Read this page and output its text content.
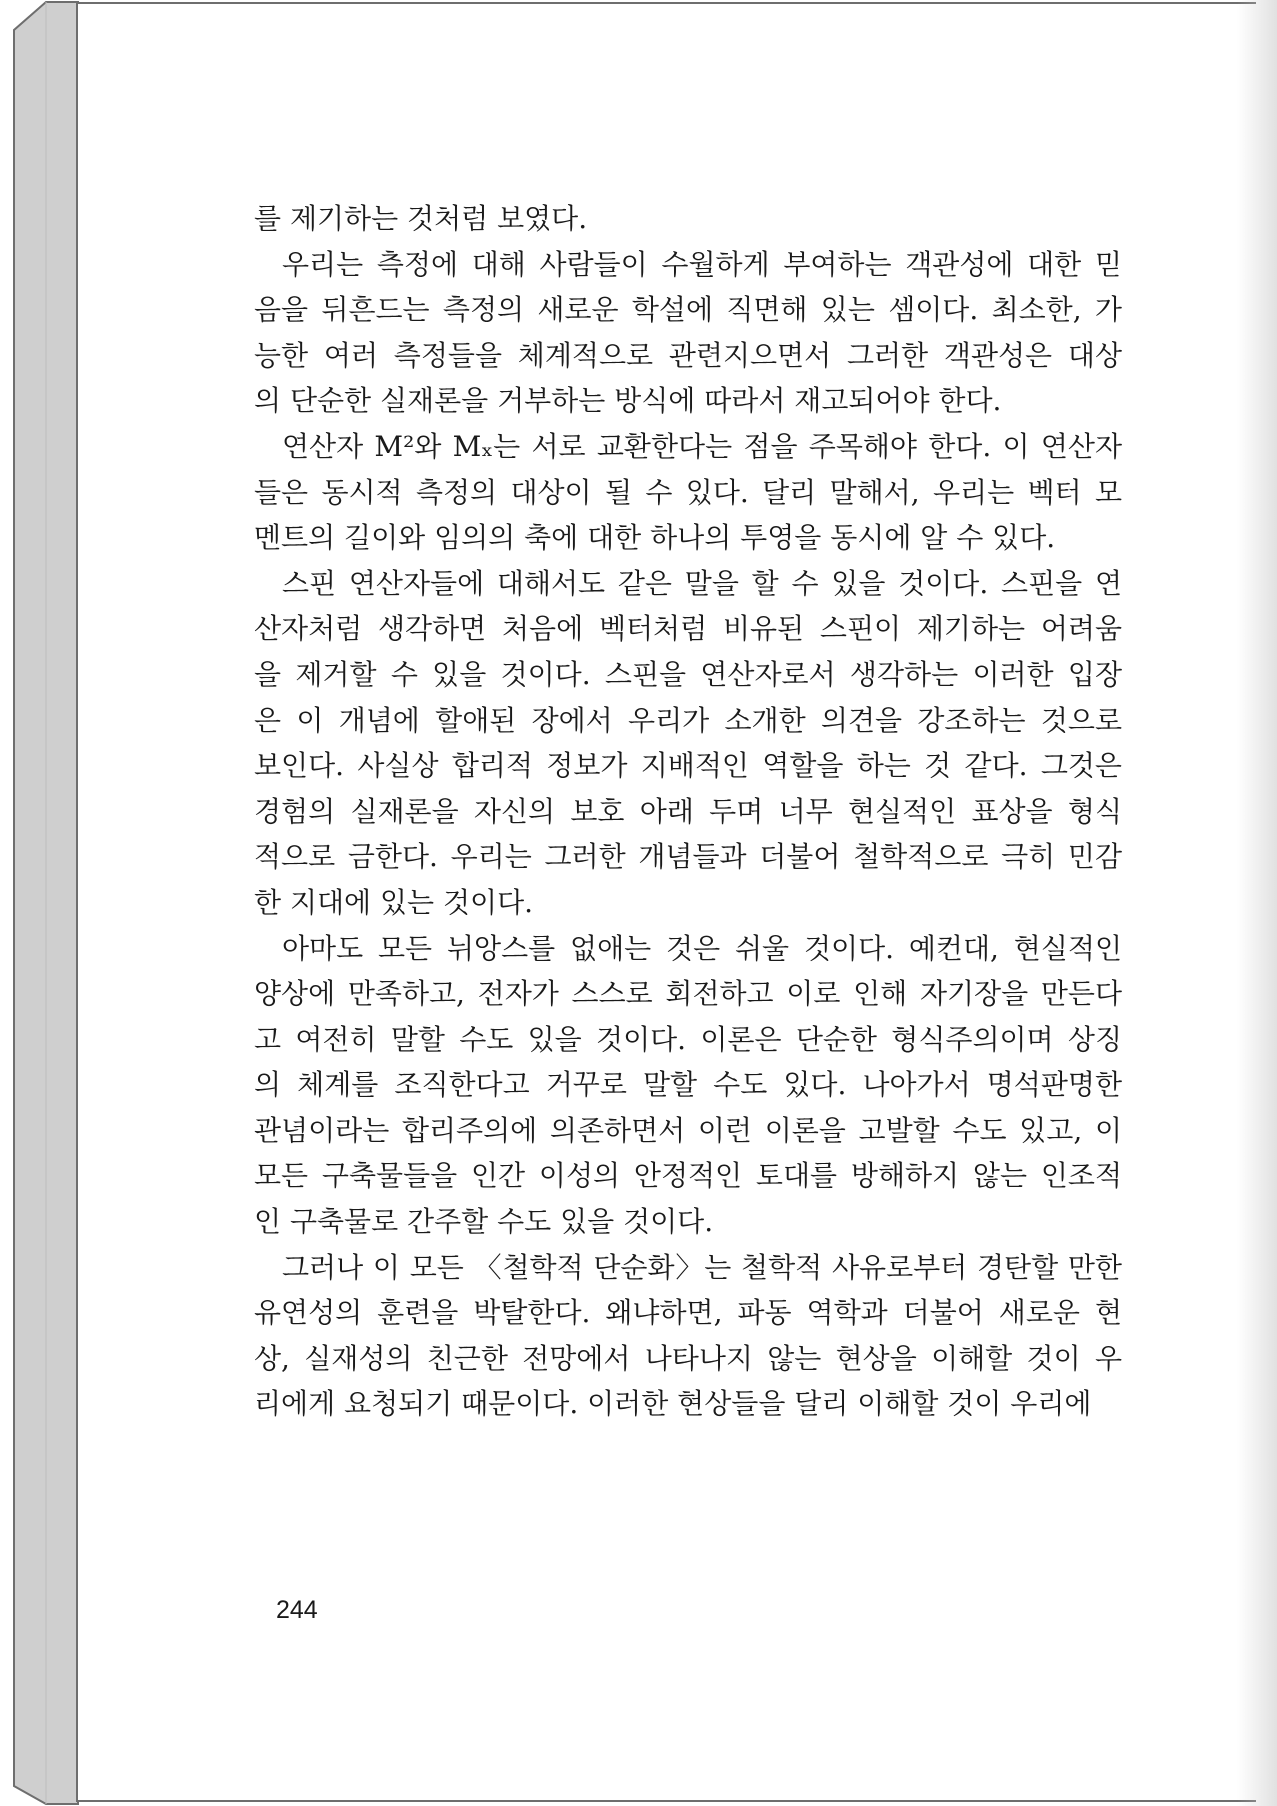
를 제기하는 것처럼 보였다.
우리는 측정에 대해 사람들이 수월하게 부여하는 객관성에 대한 믿
음을 뒤흔드는 측정의 새로운 학설에 직면해 있는 셈이다. 최소한, 가
능한 여러 측정들을 체계적으로 관련지으면서 그러한 객관성은 대상
의 단순한 실재론을 거부하는 방식에 따라서 재고되어야 한다.
연산자 M²와 Mₓ는 서로 교환한다는 점을 주목해야 한다. 이 연산자
들은 동시적 측정의 대상이 될 수 있다. 달리 말해서, 우리는 벡터 모
멘트의 길이와 임의의 축에 대한 하나의 투영을 동시에 알 수 있다.
스핀 연산자들에 대해서도 같은 말을 할 수 있을 것이다. 스핀을 연
산자처럼 생각하면 처음에 벡터처럼 비유된 스핀이 제기하는 어려움
을 제거할 수 있을 것이다. 스핀을 연산자로서 생각하는 이러한 입장
은 이 개념에 할애된 장에서 우리가 소개한 의견을 강조하는 것으로
보인다. 사실상 합리적 정보가 지배적인 역할을 하는 것 같다. 그것은
경험의 실재론을 자신의 보호 아래 두며 너무 현실적인 표상을 형식
적으로 금한다. 우리는 그러한 개념들과 더불어 철학적으로 극히 민감
한 지대에 있는 것이다.
아마도 모든 뉘앙스를 없애는 것은 쉬울 것이다. 예컨대, 현실적인
양상에 만족하고, 전자가 스스로 회전하고 이로 인해 자기장을 만든다
고 여전히 말할 수도 있을 것이다. 이론은 단순한 형식주의이며 상징
의 체계를 조직한다고 거꾸로 말할 수도 있다. 나아가서 명석판명한
관념이라는 합리주의에 의존하면서 이런 이론을 고발할 수도 있고, 이
모든 구축물들을 인간 이성의 안정적인 토대를 방해하지 않는 인조적
인 구축물로 간주할 수도 있을 것이다.
그러나 이 모든 〈철학적 단순화〉는 철학적 사유로부터 경탄할 만한
유연성의 훈련을 박탈한다. 왜냐하면, 파동 역학과 더불어 새로운 현
상, 실재성의 친근한 전망에서 나타나지 않는 현상을 이해할 것이 우
리에게 요청되기 때문이다. 이러한 현상들을 달리 이해할 것이 우리에
244
